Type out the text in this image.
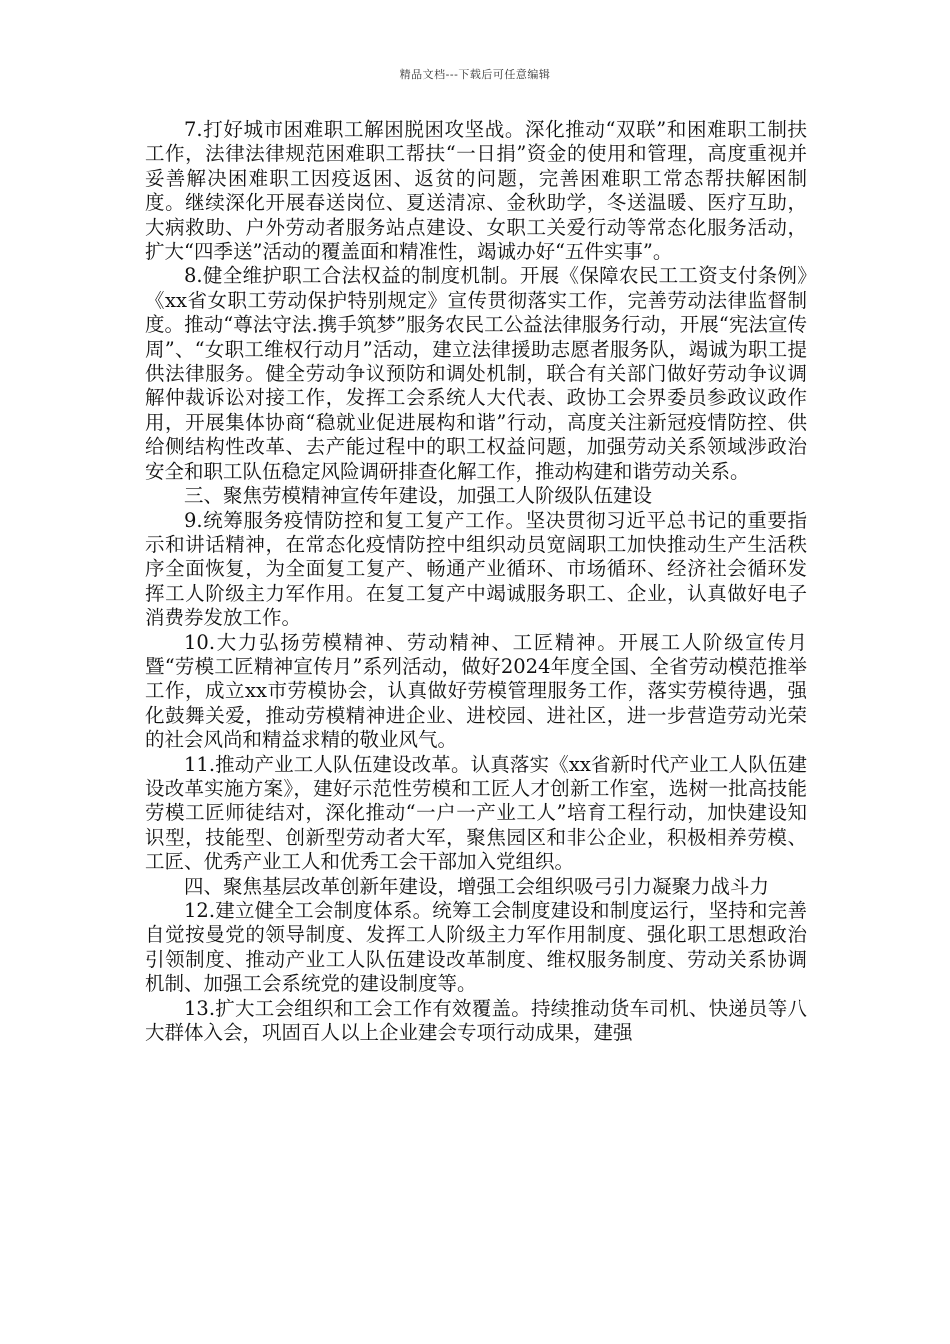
精品文档---下载后可任意编辑

7.打好城市困难职工解困脱困攻坚战。深化推动“双联”和困难职工制扶工作，法律法律规范困难职工帮扶“一日捐”资金的使用和管理，高度重视并妥善解决困难职工因疫返困、返贫的问题，完善困难职工常态帮扶解困制度。继续深化开展春送岗位、夏送清凉、金秋助学，冬送温暖、医疗互助，大病救助、户外劳动者服务站点建设、女职工关爱行动等常态化服务活动，扩大“四季送”活动的覆盖面和精准性，竭诚办好“五件实事”。

8.健全维护职工合法权益的制度机制。开展《保障农民工工资支付条例》《xx省女职工劳动保护特别规定》宣传贯彻落实工作，完善劳动法律监督制度。推动“尊法守法.携手筑梦”服务农民工公益法律服务行动，开展“宪法宣传周”、“女职工维权行动月”活动，建立法律援助志愿者服务队，竭诚为职工提供法律服务。健全劳动争议预防和调处机制，联合有关部门做好劳动争议调解仲裁诉讼对接工作，发挥工会系统人大代表、政协工会界委员参政议政作用，开展集体协商“稳就业促进展构和谐”行动，高度关注新冠疫情防控、供给侧结构性改革、去产能过程中的职工权益问题，加强劳动关系领域涉政治安全和职工队伍稳定风险调研排查化解工作，推动构建和谐劳动关系。

三、聚焦劳模精神宣传年建设，加强工人阶级队伍建设

9.统筹服务疫情防控和复工复产工作。坚决贯彻习近平总书记的重要指示和讲话精神，在常态化疫情防控中组织动员宽阔职工加快推动生产生活秩序全面恢复，为全面复工复产、畅通产业循环、市场循环、经济社会循环发挥工人阶级主力军作用。在复工复产中竭诚服务职工、企业，认真做好电子消费券发放工作。

10.大力弘扬劳模精神、劳动精神、工匠精神。开展工人阶级宣传月暨“劳模工匠精神宣传月”系列活动，做好2024年度全国、全省劳动模范推举工作，成立xx市劳模协会，认真做好劳模管理服务工作，落实劳模待遇，强化鼓舞关爱，推动劳模精神进企业、进校园、进社区，进一步营造劳动光荣的社会风尚和精益求精的敬业风气。

11.推动产业工人队伍建设改革。认真落实《xx省新时代产业工人队伍建设改革实施方案》，建好示范性劳模和工匠人才创新工作室，选树一批高技能劳模工匠师徒结对，深化推动“一户一产业工人”培育工程行动，加快建设知识型，技能型、创新型劳动者大军，聚焦园区和非公企业，积极相养劳模、工匠、优秀产业工人和优秀工会干部加入党组织。

四、聚焦基层改革创新年建设，增强工会组织吸弓引力凝聚力战斗力

12.建立健全工会制度体系。统筹工会制度建设和制度运行，坚持和完善自觉按曼党的领导制度、发挥工人阶级主力军作用制度、强化职工思想政治引领制度、推动产业工人队伍建设改革制度、维权服务制度、劳动关系协调机制、加强工会系统党的建设制度等。

13.扩大工会组织和工会工作有效覆盖。持续推动货车司机、快递员等八大群体入会，巩固百人以上企业建会专项行动成果，建强
